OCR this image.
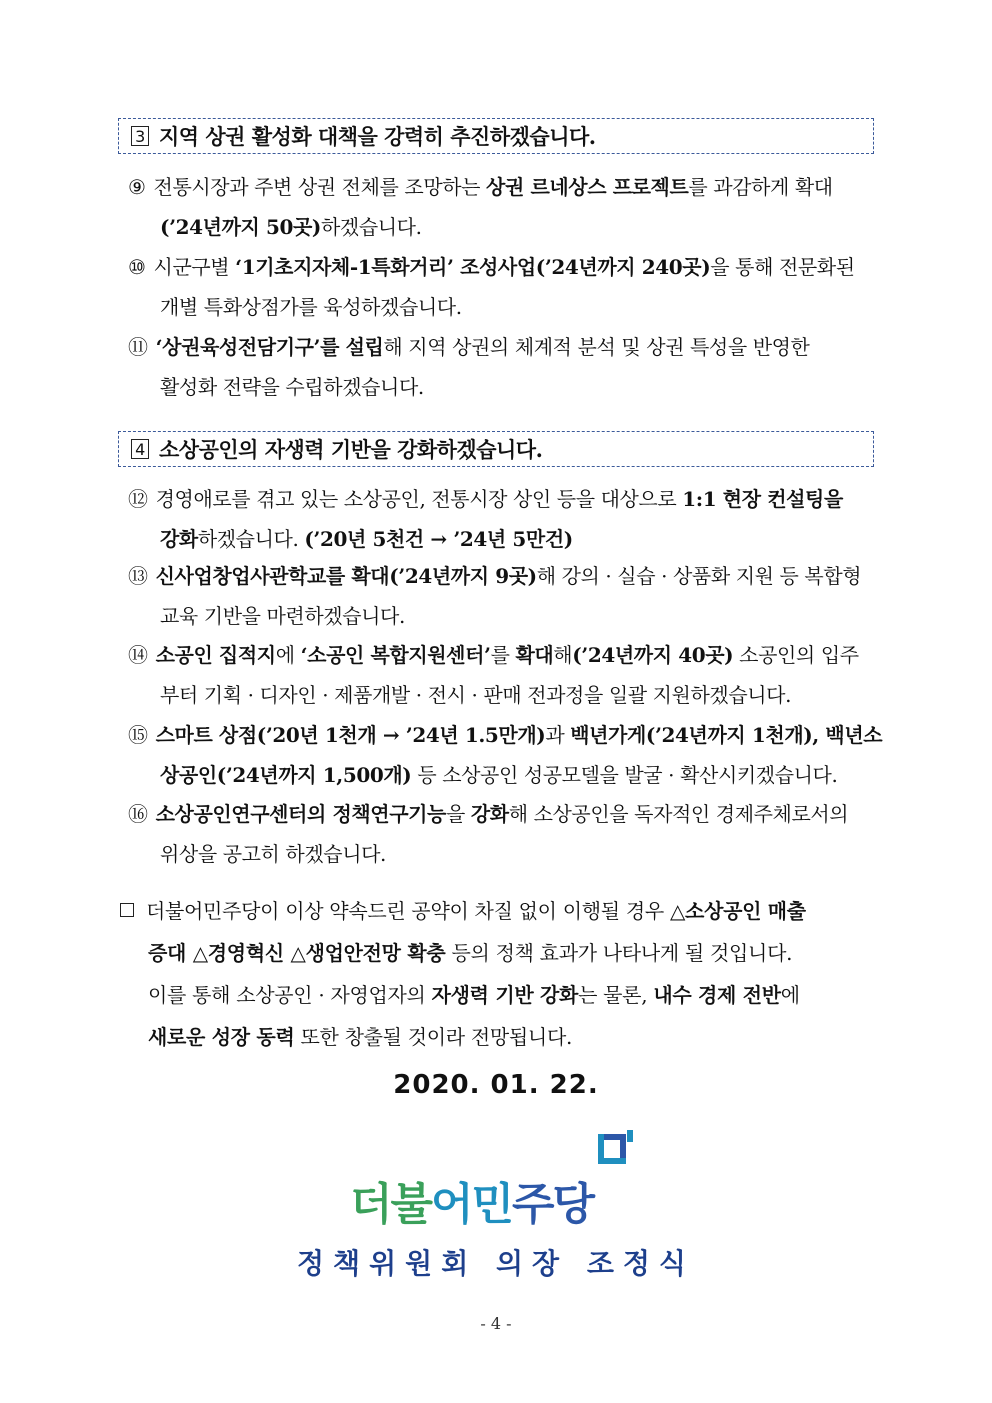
3 지역 상권 활성화 대책을 강력히 추진하겠습니다.
⑨ 전통시장과 주변 상권 전체를 조망하는 상권 르네상스 프로젝트를 과감하게 확대
(’24년까지 50곳)하겠습니다.
⑩ 시군구별 ‘1기초지자체-1특화거리’ 조성사업(’24년까지 240곳)을 통해 전문화된
개별 특화상점가를 육성하겠습니다.
⑪ ‘상권육성전담기구’를 설립해 지역 상권의 체계적 분석 및 상권 특성을 반영한
활성화 전략을 수립하겠습니다.
4 소상공인의 자생력 기반을 강화하겠습니다.
⑫ 경영애로를 겪고 있는 소상공인, 전통시장 상인 등을 대상으로 1:1 현장 컨설팅을
강화하겠습니다. (’20년 5천건 → ’24년 5만건)
⑬ 신사업창업사관학교를 확대(’24년까지 9곳)해 강의 · 실습 · 상품화 지원 등 복합형
교육 기반을 마련하겠습니다.
⑭ 소공인 집적지에 ‘소공인 복합지원센터’를 확대해(’24년까지 40곳) 소공인의 입주
부터 기획 · 디자인 · 제품개발 · 전시 · 판매 전과정을 일괄 지원하겠습니다.
⑮ 스마트 상점(’20년 1천개 → ’24년 1.5만개)과 백년가게(’24년까지 1천개), 백년소
상공인(’24년까지 1,500개) 등 소상공인 성공모델을 발굴 · 확산시키겠습니다.
⑯ 소상공인연구센터의 정책연구기능을 강화해 소상공인을 독자적인 경제주체로서의
위상을 공고히 하겠습니다.
더불어민주당이 이상 약속드린 공약이 차질 없이 이행될 경우 △소상공인 매출
증대 △경영혁신 △생업안전망 확충 등의 정책 효과가 나타나게 될 것입니다.
이를 통해 소상공인 · 자영업자의 자생력 기반 강화는 물론, 내수 경제 전반에
새로운 성장 동력 또한 창출될 것이라 전망됩니다.
2020. 01. 22.
더불어민주당
정책위원회 의장 조정식
- 4 -
